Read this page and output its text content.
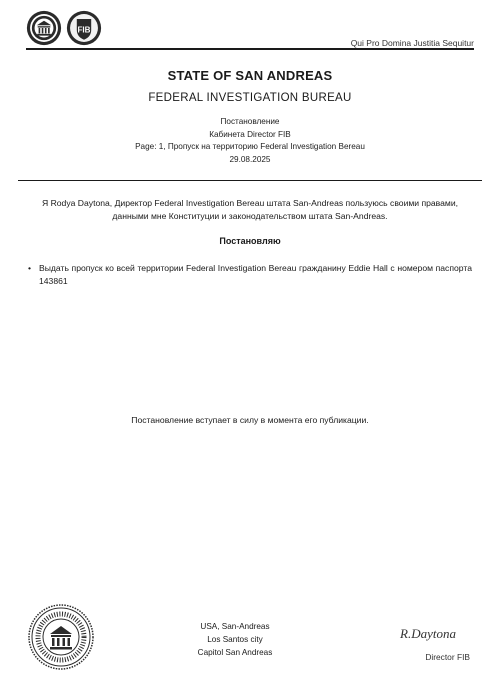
FIB
Qui Pro Domina Justitia Sequitur
STATE OF SAN ANDREAS
FEDERAL INVESTIGATION BUREAU
Постановление
Кабинета Director FIB
Page: 1, Пропуск на территорию Federal Investigation Bereau
29.08.2025
Я Rodya Daytona, Директор Federal Investigation Bereau штата San-Andreas пользуюсь своими правами, данными мне Конституции и законодательством штата San-Andreas.
Постановляю
• Выдать пропуск ко всей территории Federal Investigation Bereau гражданину Eddie Hall с номером паспорта 143861
Постановление вступает в силу в момента его публикации.
USA, San-Andreas
Los Santos city
Capitol San Andreas
R.Daytona
Director FIB
